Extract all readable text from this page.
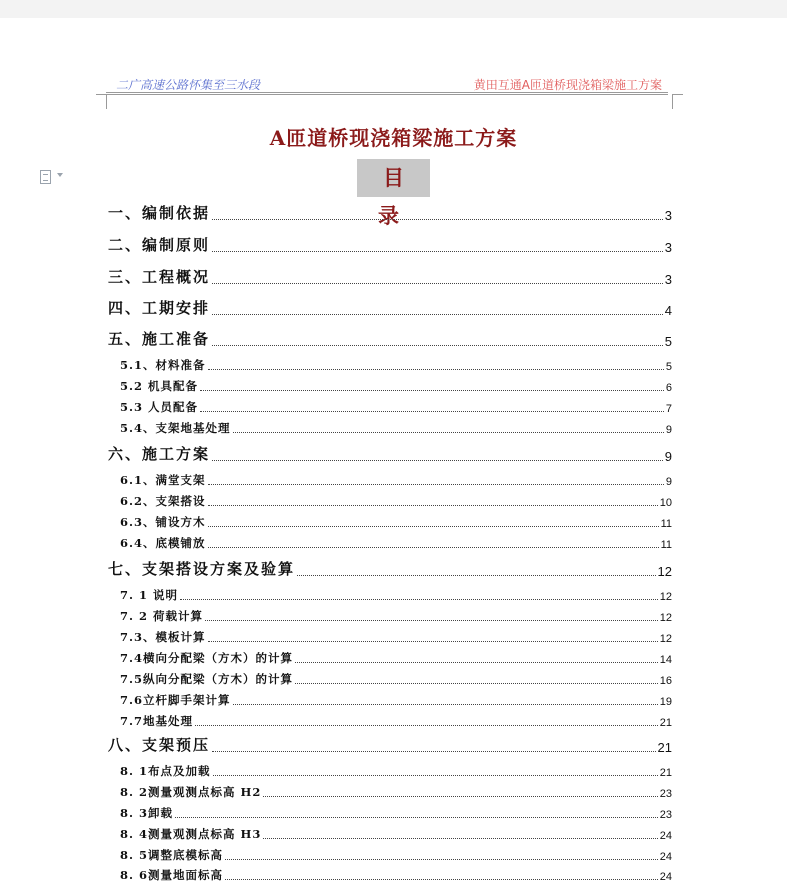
二广高速公路怀集至三水段	黄田互通A匝道桥现浇箱梁施工方案
A匝道桥现浇箱梁施工方案
目 录
一、编制依据	3
二、编制原则	3
三、工程概况	3
四、工期安排	4
五、施工准备	5
5.1、材料准备	5
5.2 机具配备	6
5.3 人员配备	7
5.4、支架地基处理	9
六、施工方案	9
6.1、满堂支架	9
6.2、支架搭设	10
6.3、铺设方木	11
6.4、底模铺放	11
七、支架搭设方案及验算	12
7. 1 说明	12
7. 2 荷载计算	12
7.3、模板计算	12
7.4横向分配梁（方木）的计算	14
7.5纵向分配梁（方木）的计算	16
7.6立杆脚手架计算	19
7.7地基处理	21
八、支架预压	21
8. 1布点及加载	21
8. 2测量观测点标高 H2	23
8. 3卸载	23
8. 4测量观测点标高 H3	24
8. 5调整底模标高	24
8. 6测量地面标高	24
